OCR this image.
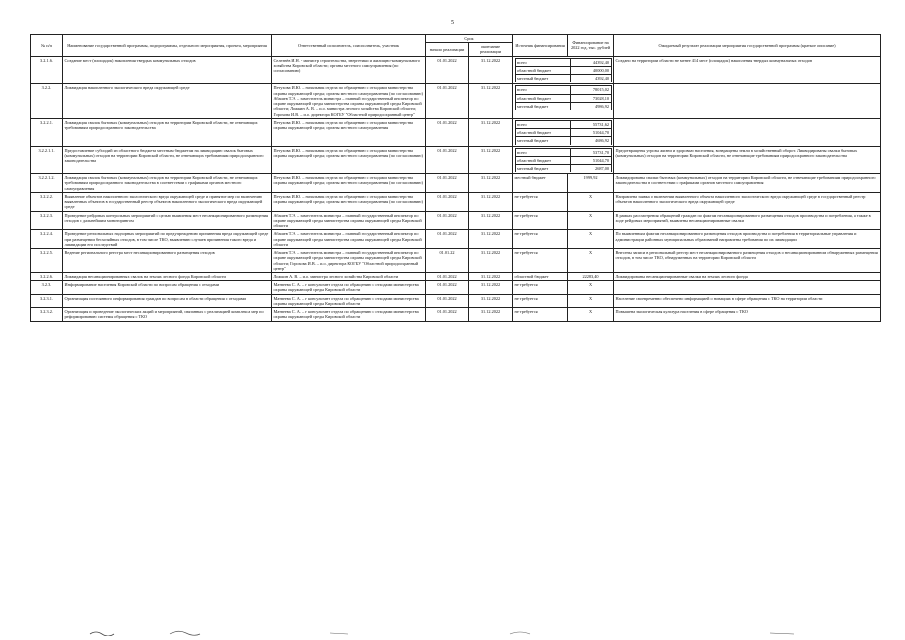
5
№ п/п	Наименование государственной программы, подпрограммы, отдельного мероприятия, проекта, мероприятия	Ответственный исполнитель, соисполнитель, участник	Срок	Источник финансирования	Финансирование на 2022 год, тыс. рублей	Ожидаемый результат реализации мероприятия государственной программы (краткое описание)
начало реализации	окончание реализации
3.2.1.6.	Создание мест (площадок) накопления твердых коммунальных отходов	Селезнёв И.Н. - министр строительства, энергетики и жилищно-коммунального хозяйства Кировской области; органы местного самоуправления (по согласованию)	01.01.2022	31.12.2022		всего	44392,40
областной бюджет	40000,00
местный бюджет	4392,40
	Создано на территории области не менее 414 мест (площадок) накопления твердых коммунальных отходов
3.2.2.	Ликвидация накопленного экологического вреда окружающей среде	Петухова И.Ю. – начальник отдела по обращению с отходами министерства охраны окружающей среды; органы местного самоуправления (по согласованию) Абашев Т.Э. – заместитель министра – главный государственный инспектор по охране окружающей среды министерства охраны окружающей среды Кировской области; Ложкин А. В. – и.о. министра лесного хозяйства Кировской области; Горохова И.В. – и.о. директора КОГБУ "Областной природоохранный центр"	01.01.2022	31.12.2022		всего	78015,02
областной бюджет	73028,10
местный бюджет	4986,92

3.2.2.1.	Ликвидация свалок бытовых (коммунальных) отходов на территории Кировской области, не отвечающих требованиям природоохранного законодательства	Петухова И.Ю. – начальник отдела по обращению с отходами министерства охраны окружающей среды; органы местного самоуправления	01.01.2022	31.12.2022		всего	55731,62
областной бюджет	51044,70
местный бюджет	4686,92

3.2.2.1.1.	Предоставление субсидий из областного бюджета местным бюджетам на ликвидацию свалок бытовых (коммунальных) отходов на территории Кировской области, не отвечающих требованиям природоохранного законодательства	Петухова И.Ю. – начальник отдела по обращению с отходами министерства охраны окружающей среды; органы местного самоуправления (по согласованию)	01.01.2022	31.12.2022		всего	53731,70
областной бюджет	51044,70
местный бюджет	2687,00
	Предотвращены угрозы жизни и здоровью населения, возвращены земли в хозяйственный оборот. Ликвидированы свалки бытовых (коммунальных) отходов на территории Кировской области, не отвечающие требованиям природоохранного законодательства
3.2.2.1.2.	Ликвидация свалок бытовых (коммунальных) отходов на территории Кировской области, не отвечающих требованиям природоохранного законодательства в соответствии с графиками органов местного самоуправления	Петухова И.Ю. – начальник отдела по обращению с отходами министерства охраны окружающей среды; органы местного самоуправления (по согласованию)	01.01.2022	31.12.2022	местный бюджет	1999,92	Ликвидированы свалки бытовых (коммунальных) отходов на территории Кировской области, не отвечающие требованиям природоохранного законодательства в соответствии с графиками органов местного самоуправления
3.2.2.2.	Выявление объектов накопленного экологического вреда окружающей среде и принятие мер по включению выявленных объектов в государственный реестр объектов накопленного экологического вреда окружающей среде	Петухова И.Ю. – начальник отдела по обращению с отходами министерства охраны окружающей среды; органы местного самоуправления (по согласованию)	01.01.2022	31.12.2022	не требуется	Х	Направлена заявка о включении выявленного объекта накопленного экологического вреда окружающей среде в государственный реестр объектов накопленного экологического вреда окружающей среде
3.2.2.3.	Проведение рейдовых контрольных мероприятий с целью выявления мест несанкционированного размещения отходов с дальнейшим мониторингом	Абашев Т.Э. – заместитель министра – главный государственный инспектор по охране окружающей среды министерства охраны окружающей среды Кировской области	01.01.2022	31.12.2022	не требуется	Х	В рамках рассмотрения обращений граждан по фактам несанкционированного размещения отходов производства и потребления, а также в ходе рейдовых мероприятий, выявлены несанкционированные свалки
3.2.2.4.	Проведение региональных надзорных мероприятий по предупреждению причинения вреда окружающей среде при размещении бесхозяйных отходов, в том числе ТКО, выявлению случаев причинения такого вреда и ликвидации его последствий	Абашев Т.Э. – заместитель министра – главный государственный инспектор по охране окружающей среды министерства охраны окружающей среды Кировской области	01.01.2022	31.12.2022	не требуется	Х	По выявленным фактам несанкционированного размещения отходов производства и потребления в территориальные управления и администрации районных муниципальных образований направлены требования по их ликвидации
3.2.2.5.	Ведение регионального реестра мест несанкционированного размещения отходов	Абашев Т.Э. – заместитель министра – главный государственный инспектор по охране окружающей среды министерства охраны окружающей среды Кировской области; Горохова И.В. – и.о. директора КОГБУ "Областной природоохранный центр"	01.01.22	31.12.2022	не требуется	Х	Внесены записи в региональный реестр мест несанкционированного размещения отходов о несанкционированном обнаруженных размещения отходов, в том числе ТКО, обнаруженных на территории Кировской области
3.2.2.6.	Ликвидация несанкционированных свалок на землях лесного фонда Кировской области	Ложкин А. В. – и.о. министра лесного хозяйства Кировской области	01.01.2022	31.12.2022	областной бюджет	22283,40	Ликвидированы несанкционированные свалки на землях лесного фонда
3.2.3.	Информирование населения Кировской области по вопросам обращения с отходами	Матвеева С. А. – г консультант отдела по обращению с отходами министерства охраны окружающей среды Кировской области	01.01.2022	31.12.2022	не требуется	Х	
3.2.3.1.	Организация постоянного информирования граждан по вопросам в области обращения с отходами	Матвеева С. А. – г консультант отдела по обращению с отходами министерства охраны окружающей среды Кировской области	01.01.2022	31.12.2022	не требуется	Х	Население своевременно обеспечено информацией о новациях в сфере обращения с ТКО на территории области
3.2.3.2.	Организация и проведение экологических акций и мероприятий, связанных с реализацией комплекса мер по реформированию системы обращения с ТКО	Матвеева С. А. – г консультант отдела по обращению с отходами министерства охраны окружающей среды Кировской области	01.01.2022	31.12.2022	не требуется	Х	Повышена экологическая культура населения в сфере обращения с ТКО
